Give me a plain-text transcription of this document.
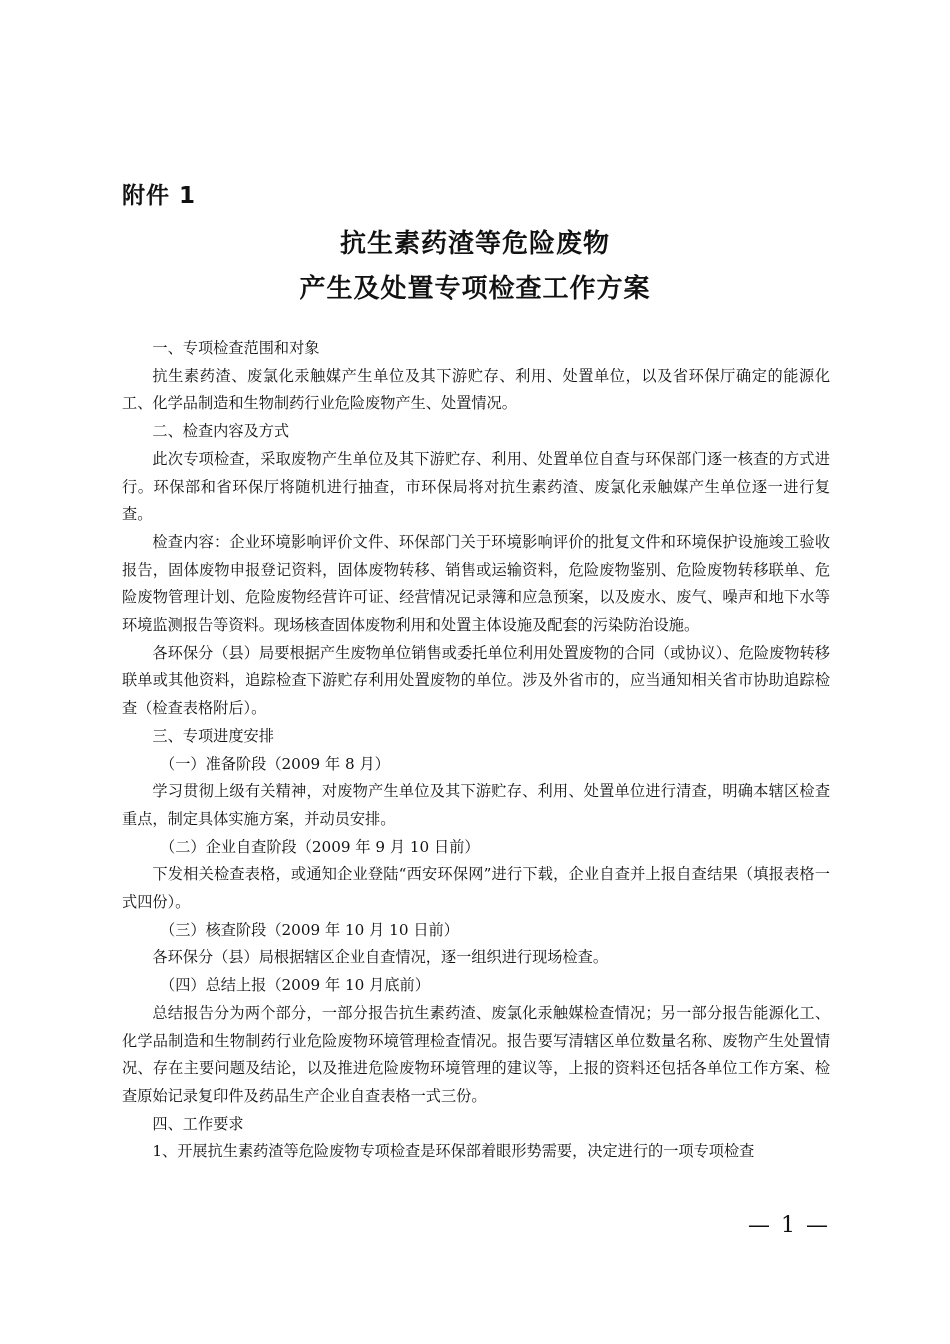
附件 1
抗生素药渣等危险废物
产生及处置专项检查工作方案

一、专项检查范围和对象

抗生素药渣、废氯化汞触媒产生单位及其下游贮存、利用、处置单位，以及省环保厅确定的能源化工、化学品制造和生物制药行业危险废物产生、处置情况。

二、检查内容及方式

此次专项检查，采取废物产生单位及其下游贮存、利用、处置单位自查与环保部门逐一核查的方式进行。环保部和省环保厅将随机进行抽查，市环保局将对抗生素药渣、废氯化汞触媒产生单位逐一进行复查。

检查内容：企业环境影响评价文件、环保部门关于环境影响评价的批复文件和环境保护设施竣工验收报告，固体废物申报登记资料，固体废物转移、销售或运输资料，危险废物鉴别、危险废物转移联单、危险废物管理计划、危险废物经营许可证、经营情况记录簿和应急预案，以及废水、废气、噪声和地下水等环境监测报告等资料。现场核查固体废物利用和处置主体设施及配套的污染防治设施。

各环保分（县）局要根据产生废物单位销售或委托单位利用处置废物的合同（或协议）、危险废物转移联单或其他资料，追踪检查下游贮存利用处置废物的单位。涉及外省市的，应当通知相关省市协助追踪检查（检查表格附后）。

三、专项进度安排

（一）准备阶段（2009 年 8 月）

学习贯彻上级有关精神，对废物产生单位及其下游贮存、利用、处置单位进行清查，明确本辖区检查重点，制定具体实施方案，并动员安排。

（二）企业自查阶段（2009 年 9 月 10 日前）

下发相关检查表格，或通知企业登陆“西安环保网”进行下载，企业自查并上报自查结果（填报表格一式四份）。

（三）核查阶段（2009 年 10 月 10 日前）

各环保分（县）局根据辖区企业自查情况，逐一组织进行现场检查。

（四）总结上报（2009 年 10 月底前）

总结报告分为两个部分，一部分报告抗生素药渣、废氯化汞触媒检查情况；另一部分报告能源化工、化学品制造和生物制药行业危险废物环境管理检查情况。报告要写清辖区单位数量名称、废物产生处置情况、存在主要问题及结论，以及推进危险废物环境管理的建议等，上报的资料还包括各单位工作方案、检查原始记录复印件及药品生产企业自查表格一式三份。

四、工作要求

1、开展抗生素药渣等危险废物专项检查是环保部着眼形势需要，决定进行的一项专项检查

— 1 —
